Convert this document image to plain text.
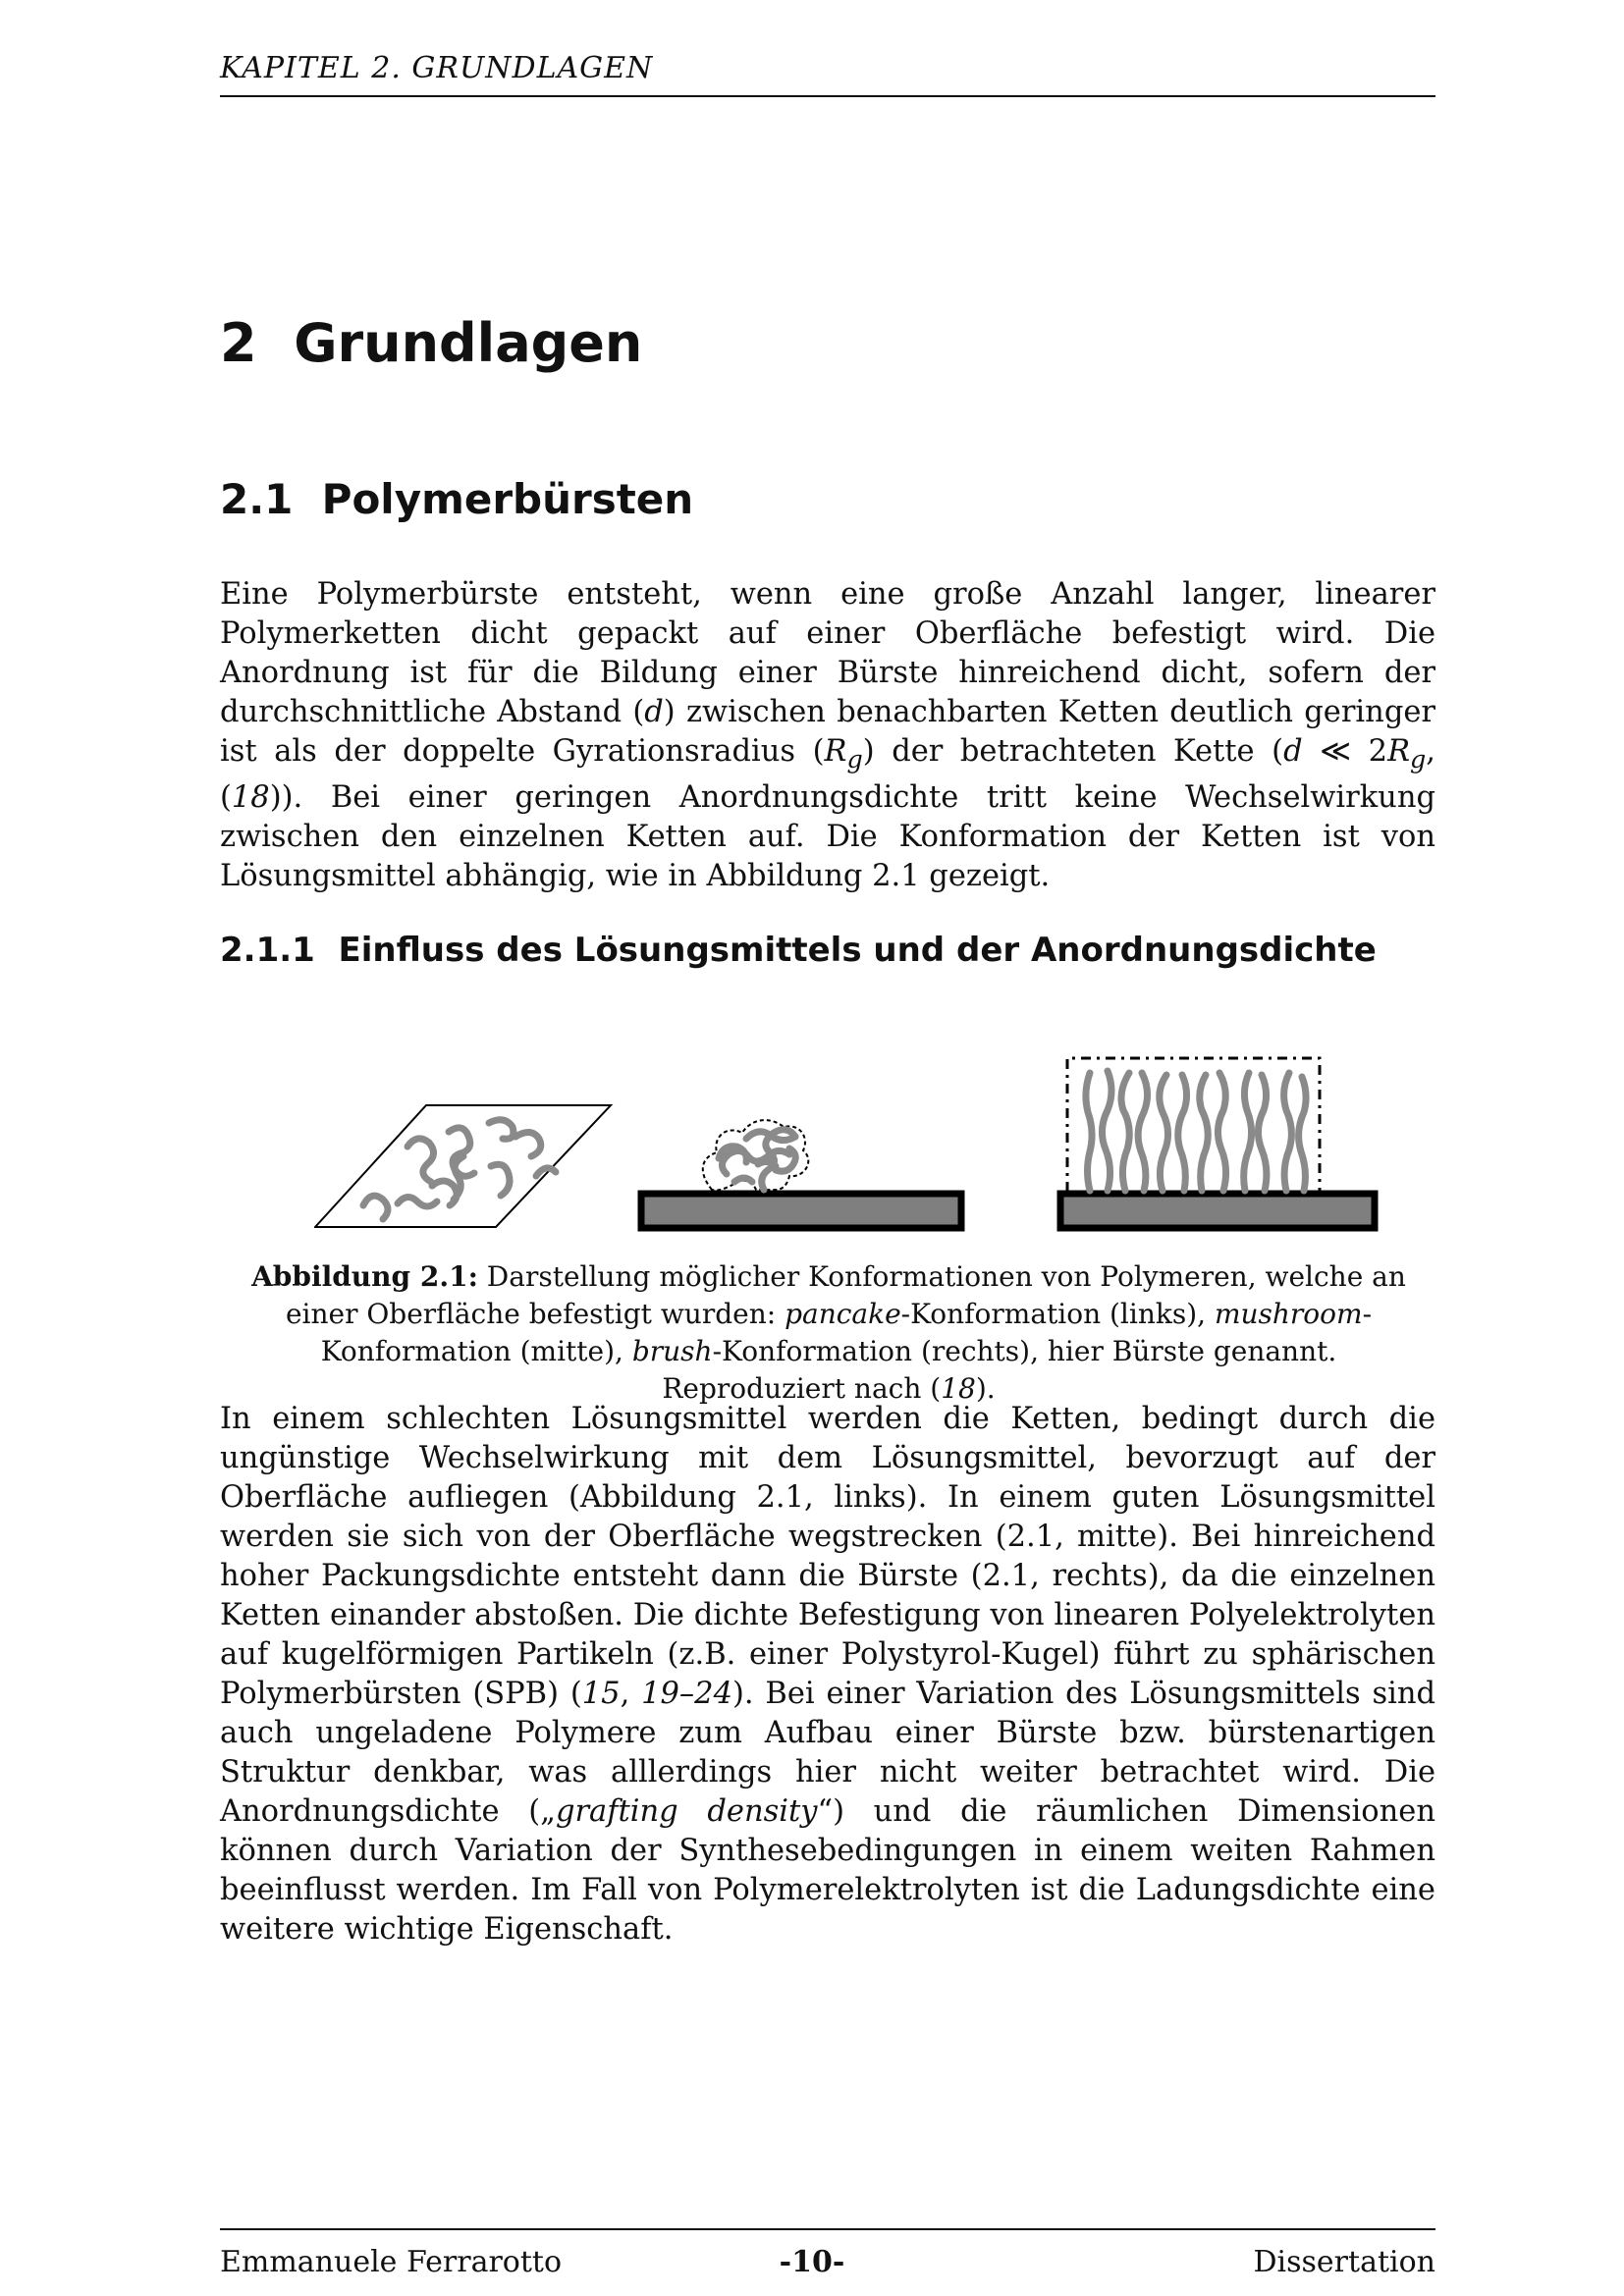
KAPITEL 2. GRUNDLAGEN
2 Grundlagen
2.1 Polymerbürsten

Eine Polymerbürste entsteht, wenn eine große Anzahl langer, linearer Polymerketten dicht gepackt auf einer Oberfläche befestigt wird. Die Anordnung ist für die Bildung einer Bürste hinreichend dicht, sofern der durchschnittliche Abstand (d) zwischen benachbarten Ketten deutlich geringer ist als der doppelte Gyrationsradius $(R_g)$ der betrachteten Kette (d ≪ $2R_g$, (18)). Bei einer geringen Anordnungsdichte tritt keine Wechselwirkung zwischen den einzelnen Ketten auf. Die Konformation der Ketten ist von Lösungsmittel abhängig, wie in Abbildung 2.1 gezeigt.

2.1.1 Einfluss des Lösungsmittels und der Anordnungsdichte

Abbildung 2.1: Darstellung möglicher Konformationen von Polymeren, welche an einer Oberfläche befestigt wurden: pancake-Konformation (links), mushroom-Konformation (mitte), brush-Konformation (rechts), hier Bürste genannt. Reproduziert nach (18).

In einem schlechten Lösungsmittel werden die Ketten, bedingt durch die ungünstige Wechselwirkung mit dem Lösungsmittel, bevorzugt auf der Oberfläche aufliegen (Abbildung 2.1, links). In einem guten Lösungsmittel werden sie sich von der Oberfläche wegstrecken (2.1, mitte). Bei hinreichend hoher Packungsdichte entsteht dann die Bürste (2.1, rechts), da die einzelnen Ketten einander abstoßen. Die dichte Befestigung von linearen Polyelektrolyten auf kugelförmigen Partikeln (z.B. einer Polystyrol-Kugel) führt zu sphärischen Polymerbürsten (SPB) (15, 19–24). Bei einer Variation des Lösungsmittels sind auch ungeladene Polymere zum Aufbau einer Bürste bzw. bürstenartigen Struktur denkbar, was alllerdings hier nicht weiter betrachtet wird. Die Anordnungsdichte („grafting density“) und die räumlichen Dimensionen können durch Variation der Synthesebedingungen in einem weiten Rahmen beeinflusst werden. Im Fall von Polymerelektrolyten ist die Ladungsdichte eine weitere wichtige Eigenschaft.

Emmanuele Ferrarotto	-10-	Dissertation
